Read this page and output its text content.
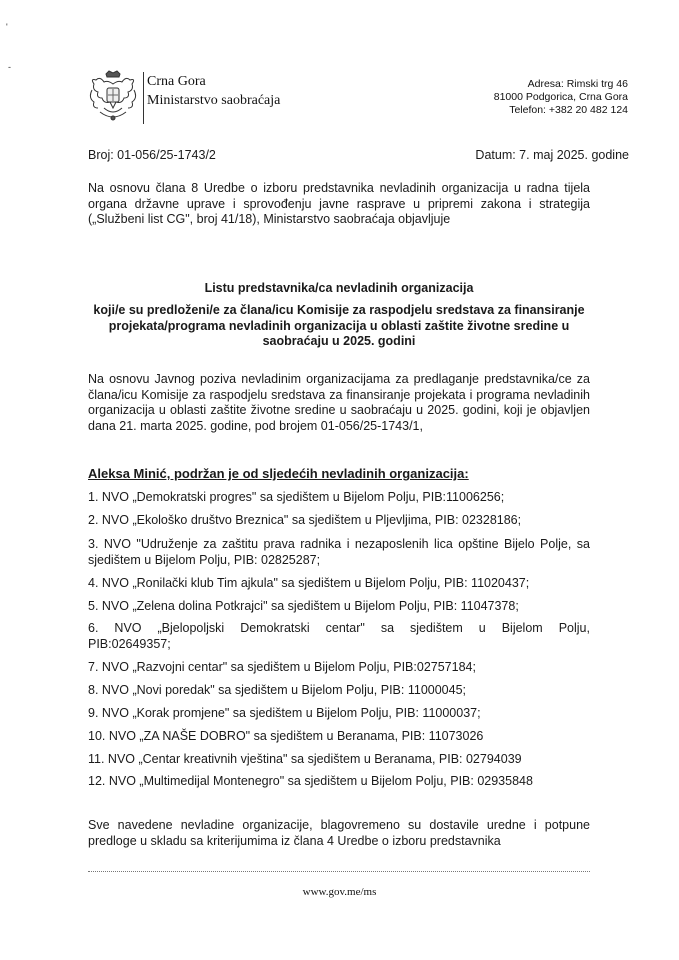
'
-
Crna Gora
Ministarstvo saobraćaja
Adresa: Rimski trg 46
81000 Podgorica, Crna Gora
Telefon: +382 20 482 124
Broj: 01-056/25-1743/2	Datum: 7. maj 2025. godine
Na osnovu člana 8 Uredbe o izboru predstavnika nevladinih organizacija u radna tijela organa državne uprave i sprovođenju javne rasprave u pripremi zakona i strategija („Službeni list CG", broj 41/18), Ministarstvo saobraćaja objavljuje
Listu predstavnika/ca nevladinih organizacija
koji/e su predloženi/e za člana/icu Komisije za raspodjelu sredstava za finansiranje projekata/programa nevladinih organizacija u oblasti zaštite životne sredine u saobraćaju u 2025. godini
Na osnovu Javnog poziva nevladinim organizacijama za predlaganje predstavnika/ce za člana/icu Komisije za raspodjelu sredstava za finansiranje projekata i programa nevladinih organizacija u oblasti zaštite životne sredine u saobraćaju u 2025. godini, koji je objavljen dana 21. marta 2025. godine, pod brojem 01-056/25-1743/1,
Aleksa Minić, podržan je od sljedećih nevladinih organizacija:
1. NVO „Demokratski progres" sa sjedištem u Bijelom Polju, PIB:11006256;
2. NVO „Ekološko društvo Breznica" sa sjedištem u Pljevljima, PIB: 02328186;
3. NVO "Udruženje za zaštitu prava radnika i nezaposlenih lica opštine Bijelo Polje, sa sjedištem u Bijelom Polju, PIB: 02825287;
4. NVO „Ronilački klub Tim ajkula" sa sjedištem u Bijelom Polju, PIB: 11020437;
5. NVO „Zelena dolina Potkrajci" sa sjedištem u Bijelom Polju, PIB: 11047378;
6. NVO „Bjelopoljski Demokratski centar" sa sjedištem u Bijelom Polju,
PIB:02649357;
7. NVO „Razvojni centar" sa sjedištem u Bijelom Polju, PIB:02757184;
8. NVO „Novi poredak" sa sjedištem u Bijelom Polju, PIB: 11000045;
9. NVO „Korak promjene" sa sjedištem u Bijelom Polju, PIB: 11000037;
10. NVO „ZA NAŠE DOBRO" sa sjedištem u Beranama, PIB: 11073026
11. NVO „Centar kreativnih vještina" sa sjedištem u Beranama, PIB: 02794039
12. NVO „Multimedijal Montenegro" sa sjedištem u Bijelom Polju, PIB: 02935848
Sve navedene nevladine organizacije, blagovremeno su dostavile uredne i potpune predloge u skladu sa kriterijumima iz člana 4 Uredbe o izboru predstavnika
www.gov.me/ms
